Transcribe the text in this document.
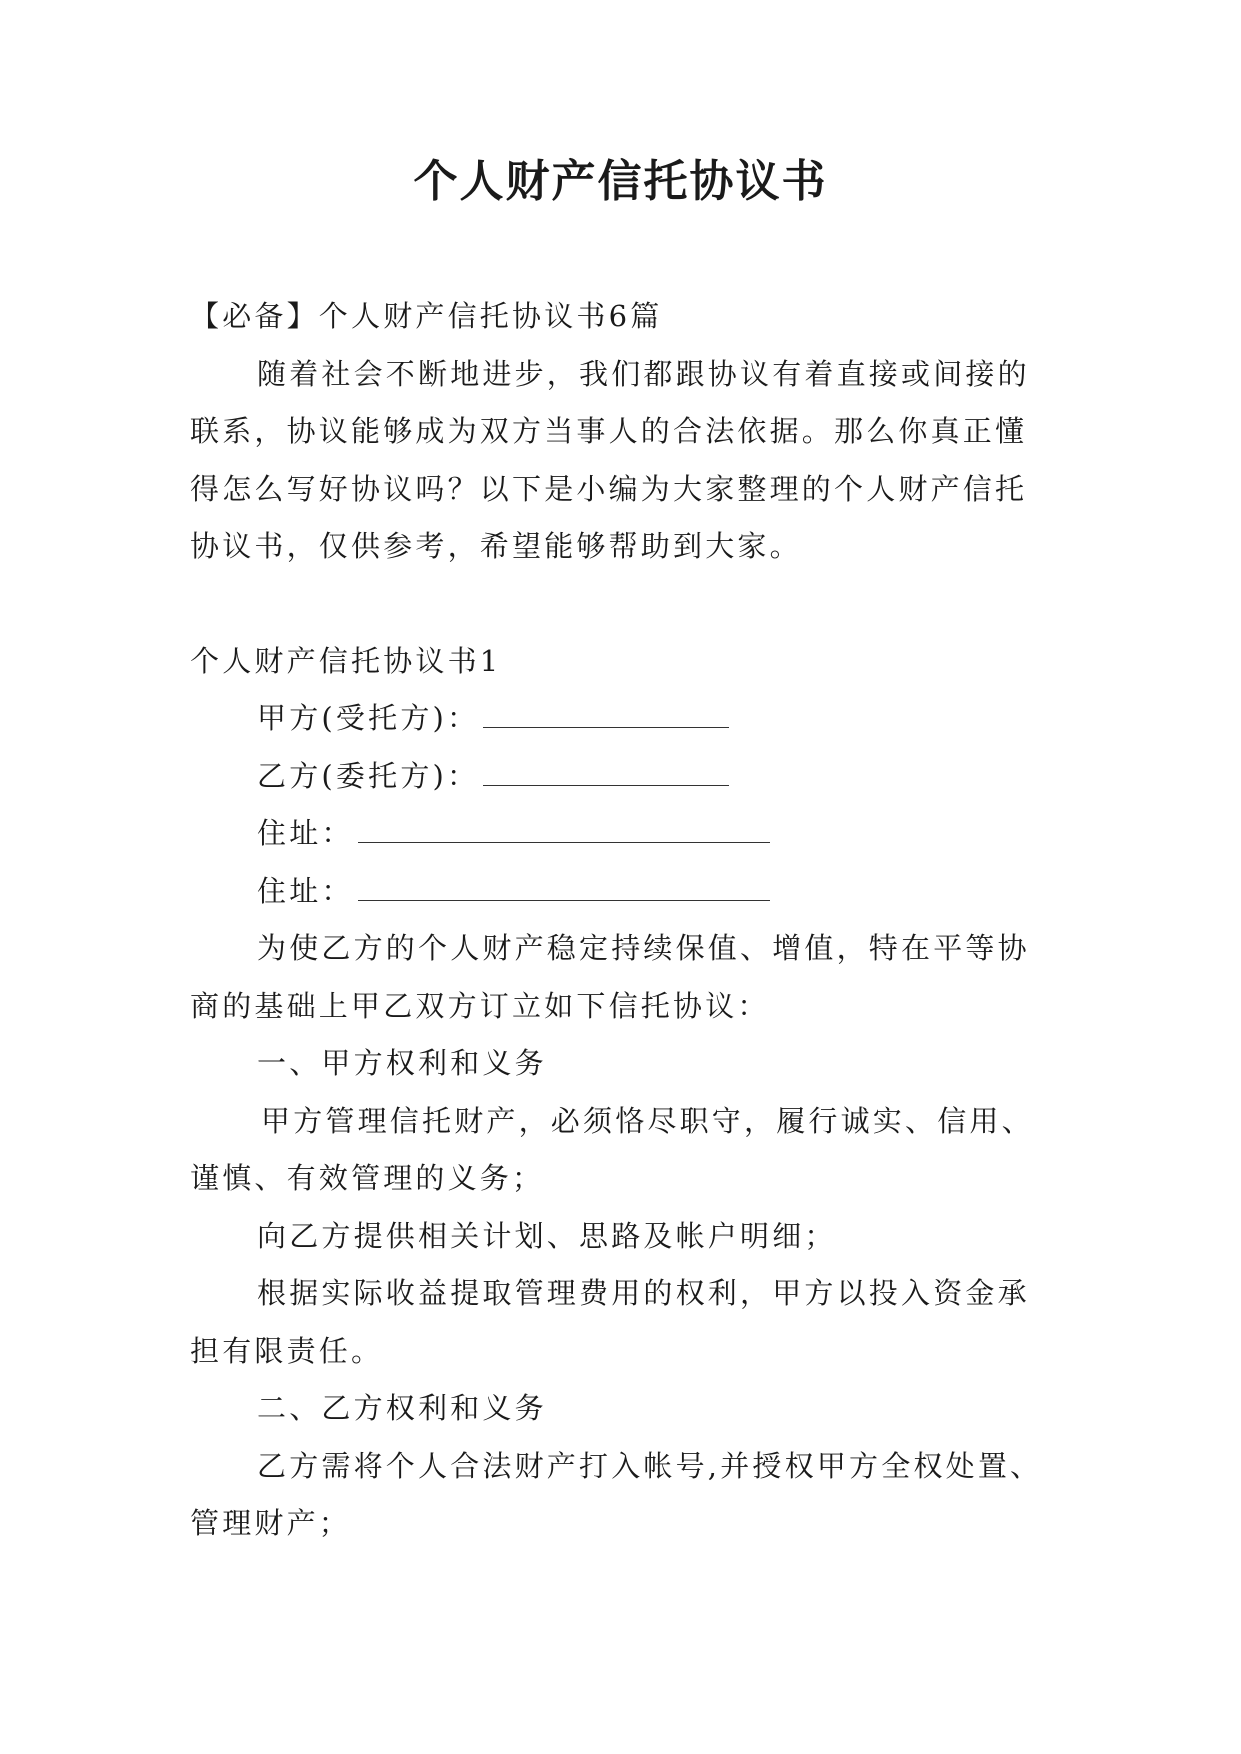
个人财产信托协议书

【必备】个人财产信托协议书6篇

随着社会不断地进步，我们都跟协议有着直接或间接的联系，协议能够成为双方当事人的合法依据。那么你真正懂得怎么写好协议吗？以下是小编为大家整理的个人财产信托协议书，仅供参考，希望能够帮助到大家。

个人财产信托协议书1

甲方(受托方)：

乙方(委托方)：

住址：

住址：

为使乙方的个人财产稳定持续保值、增值，特在平等协商的基础上甲乙双方订立如下信托协议：

一、甲方权利和义务

甲方管理信托财产，必须恪尽职守，履行诚实、信用、谨慎、有效管理的义务；

向乙方提供相关计划、思路及帐户明细；

根据实际收益提取管理费用的权利，甲方以投入资金承担有限责任。

二、乙方权利和义务

乙方需将个人合法财产打入帐号,并授权甲方全权处置、管理财产；
